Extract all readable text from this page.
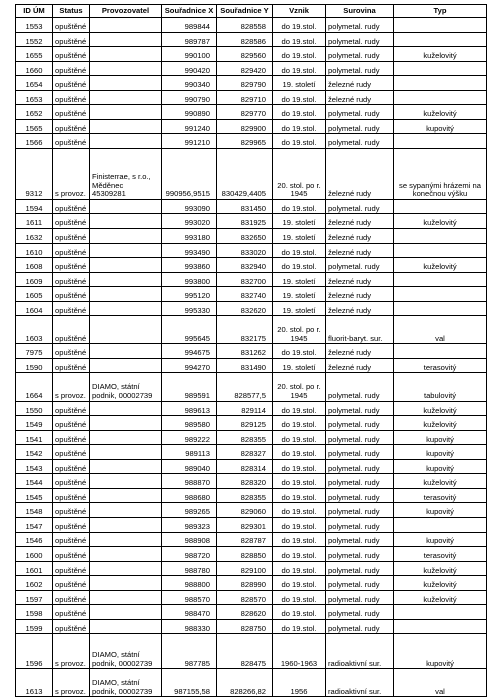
ID ÚM	Status	Provozovatel	Souřadnice X	Souřadnice Y	Vznik	Surovina	Typ
1553	opuštěné		989844	828558	do 19.stol.	polymetal. rudy	
1552	opuštěné		989787	828586	do 19.stol.	polymetal. rudy	
1655	opuštěné		990100	829560	do 19.stol.	polymetal. rudy	kuželovitý
1660	opuštěné		990420	829420	do 19.stol.	polymetal. rudy	
1654	opuštěné		990340	829790	19. století	železné rudy	
1653	opuštěné		990790	829710	do 19.stol.	železné rudy	
1652	opuštěné		990890	829770	do 19.stol.	polymetal. rudy	kuželovitý
1565	opuštěné		991240	829900	do 19.stol.	polymetal. rudy	kupovitý
1566	opuštěné		991210	829965	do 19.stol.	polymetal. rudy	
9312	s provoz.	Finisterrae, s r.o., Měděnec 45309281	990956,9515	830429,4405	20. stol. po r. 1945	železné rudy	se sypanými hrázemi na konečnou výšku
1594	opuštěné		993090	831450	do 19.stol.	polymetal. rudy	
1611	opuštěné		993020	831925	19. století	železné rudy	kuželovitý
1632	opuštěné		993180	832650	19. století	železné rudy	
1610	opuštěné		993490	833020	do 19.stol.	železné rudy	
1608	opuštěné		993860	832940	do 19.stol.	polymetal. rudy	kuželovitý
1609	opuštěné		993800	832700	19. století	železné rudy	
1605	opuštěné		995120	832740	19. století	železné rudy	
1604	opuštěné		995330	832620	19. století	železné rudy	
1603	opuštěné		995645	832175	20. stol. po r. 1945	fluorit-baryt. sur.	val
7975	opuštěné		994675	831262	do 19.stol.	železné rudy	
1590	opuštěné		994270	831490	19. století	železné rudy	terasovitý
1664	s provoz.	DIAMO, státní podnik, 00002739	989591	828577,5	20. stol. po r. 1945	polymetal. rudy	tabulovitý
1550	opuštěné		989613	829114	do 19.stol.	polymetal. rudy	kuželovitý
1549	opuštěné		989580	829125	do 19.stol.	polymetal. rudy	kuželovitý
1541	opuštěné		989222	828355	do 19.stol.	polymetal. rudy	kupovitý
1542	opuštěné		989113	828327	do 19.stol.	polymetal. rudy	kupovitý
1543	opuštěné		989040	828314	do 19.stol.	polymetal. rudy	kupovitý
1544	opuštěné		988870	828320	do 19.stol.	polymetal. rudy	kuželovitý
1545	opuštěné		988680	828355	do 19.stol.	polymetal. rudy	terasovitý
1548	opuštěné		989265	829060	do 19.stol.	polymetal. rudy	kupovitý
1547	opuštěné		989323	829301	do 19.stol.	polymetal. rudy	
1546	opuštěné		988908	828787	do 19.stol.	polymetal. rudy	kupovitý
1600	opuštěné		988720	828850	do 19.stol.	polymetal. rudy	terasovitý
1601	opuštěné		988780	829100	do 19.stol.	polymetal. rudy	kuželovitý
1602	opuštěné		988800	828990	do 19.stol.	polymetal. rudy	kuželovitý
1597	opuštěné		988570	828570	do 19.stol.	polymetal. rudy	kuželovitý
1598	opuštěné		988470	828620	do 19.stol.	polymetal. rudy	
1599	opuštěné		988330	828750	do 19.stol.	polymetal. rudy	
1596	s provoz.	DIAMO, státní podnik, 00002739	987785	828475	1960-1963	radioaktivní sur.	kupovitý
1613	s provoz.	DIAMO, státní podnik, 00002739	987155,58	828266,82	1956	radioaktivní sur.	val
